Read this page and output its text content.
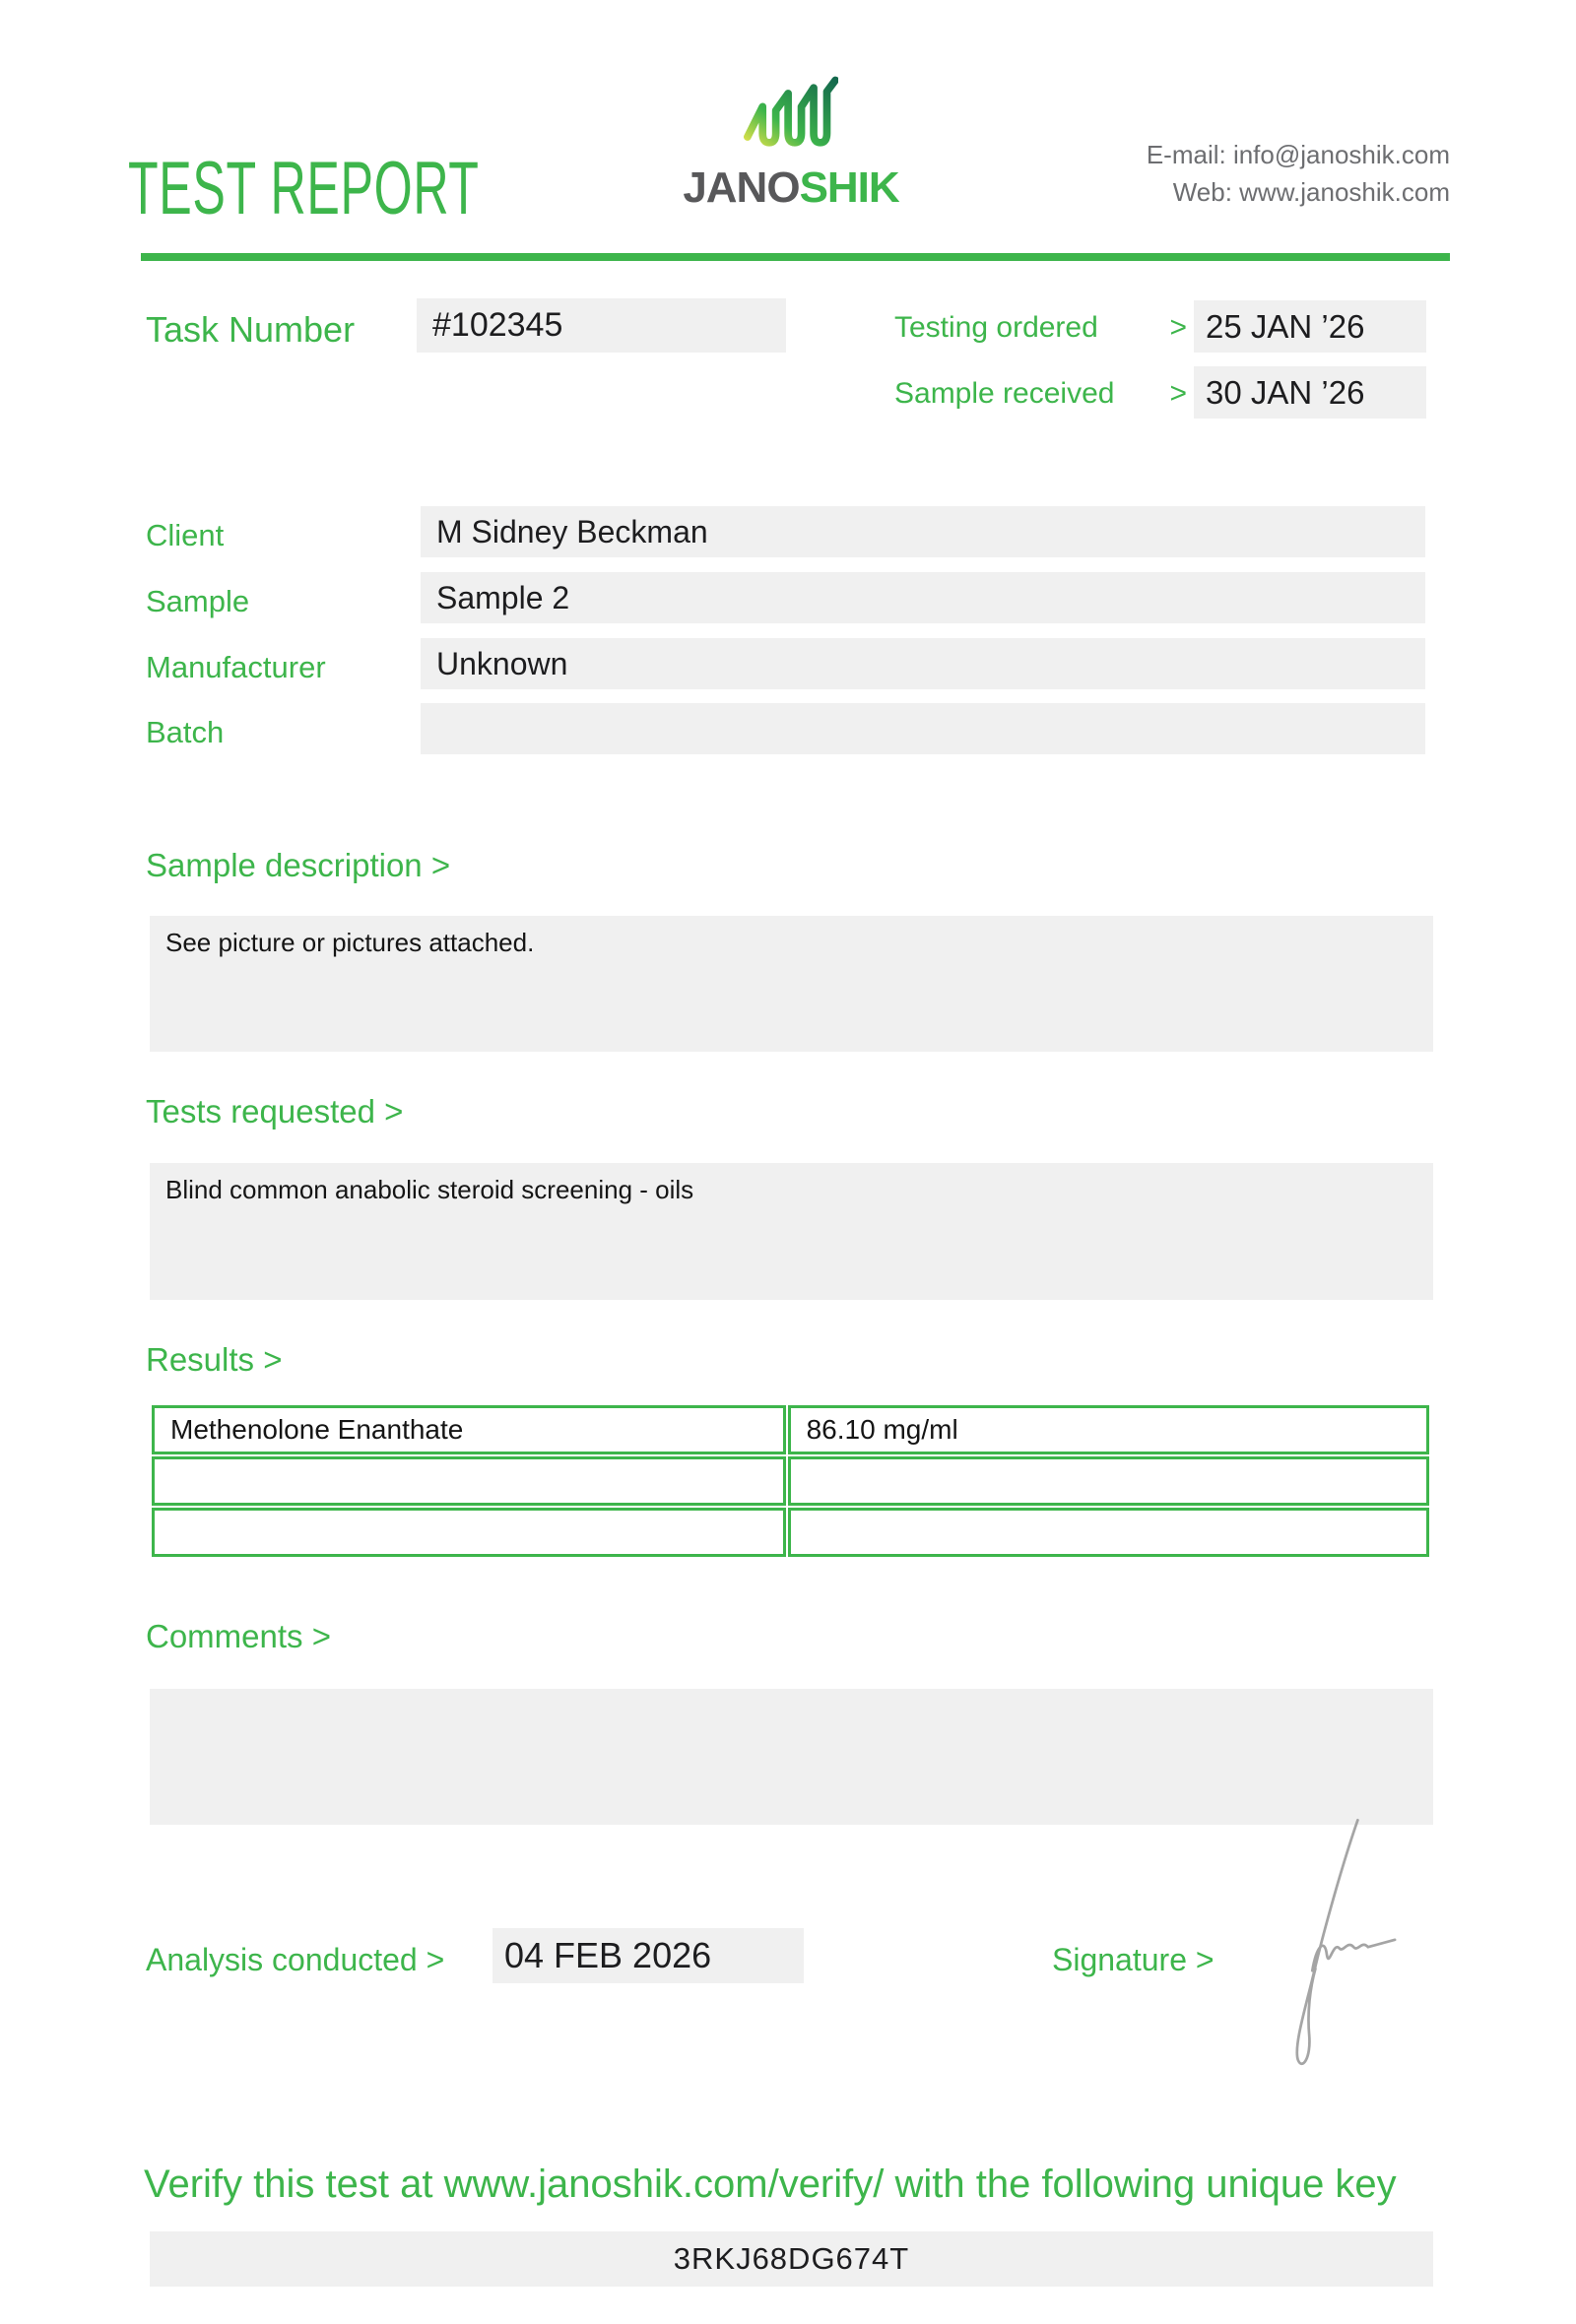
TEST REPORT	JANOSHIK
E-mail: info@janoshik.com
Web: www.janoshik.com
Task Number	#102345	Testing ordered > 25 JAN ’26
Sample received > 30 JAN ’26
Client	M Sidney Beckman
Sample	Sample 2
Manufacturer	Unknown
Batch
Sample description >
See picture or pictures attached.
Tests requested >
Blind common anabolic steroid screening - oils
Results >
Methenolone Enanthate	86.10 mg/ml

Comments >
Analysis conducted >	04 FEB 2026	Signature >
Verify this test at www.janoshik.com/verify/ with the following unique key
3RKJ68DG674T
